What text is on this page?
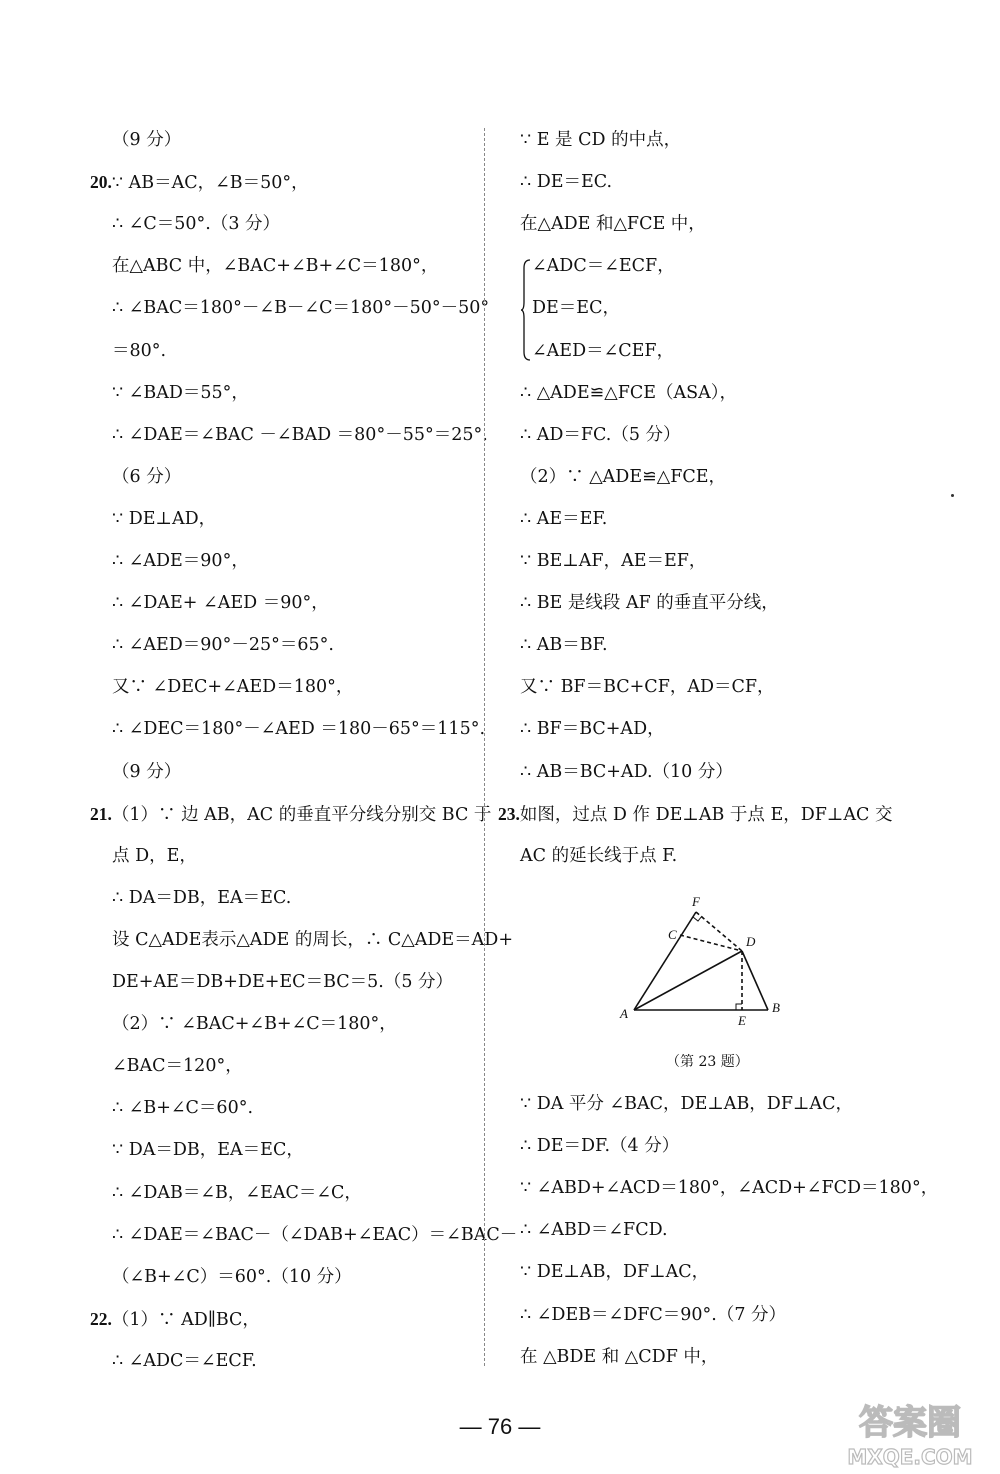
（9 分）
20.∵ AB＝AC，∠B＝50°，
∴ ∠C＝50°.（3 分）
在△ABC 中，∠BAC+∠B+∠C＝180°，
∴ ∠BAC＝180°－∠B－∠C＝180°－50°－50°
＝80°.
∵ ∠BAD＝55°，
∴ ∠DAE＝∠BAC －∠BAD ＝80°－55°＝25°.
（6 分）
∵ DE⊥AD，
∴ ∠ADE＝90°，
∴ ∠DAE+ ∠AED ＝90°，
∴ ∠AED＝90°－25°＝65°.
又∵ ∠DEC+∠AED＝180°，
∴ ∠DEC＝180°－∠AED ＝180－65°＝115°.
（9 分）
21.（1）∵ 边 AB，AC 的垂直平分线分别交 BC 于
点 D，E，
∴ DA＝DB，EA＝EC.
设 C△ADE表示△ADE 的周长，∴ C△ADE＝AD+
DE+AE＝DB+DE+EC＝BC＝5.（5 分）
（2）∵ ∠BAC+∠B+∠C＝180°，
∠BAC＝120°，
∴ ∠B+∠C＝60°.
∵ DA＝DB，EA＝EC，
∴ ∠DAB＝∠B，∠EAC＝∠C，
∴ ∠DAE＝∠BAC－（∠DAB+∠EAC）＝∠BAC－
（∠B+∠C）＝60°.（10 分）
22.（1）∵ AD∥BC，
∴ ∠ADC＝∠ECF.
∵ E 是 CD 的中点，
∴ DE＝EC.
在△ADE 和△FCE 中，
∠ADC＝∠ECF，
DE＝EC，
∠AED＝∠CEF，
∴ △ADE≌△FCE（ASA），
∴ AD＝FC.（5 分）
（2）∵ △ADE≌△FCE，
∴ AE＝EF.
∵ BE⊥AF，AE＝EF，
∴ BE 是线段 AF 的垂直平分线，
∴ AB＝BF.
又∵ BF＝BC+CF，AD＝CF，
∴ BF＝BC+AD，
∴ AB＝BC+AD.（10 分）
23.如图，过点 D 作 DE⊥AB 于点 E，DF⊥AC 交
AC 的延长线于点 F.
∵ DA 平分 ∠BAC，DE⊥AB，DF⊥AC，
∴ DE＝DF.（4 分）
∵ ∠ABD+∠ACD＝180°，∠ACD+∠FCD＝180°，
∴ ∠ABD＝∠FCD.
∵ DE⊥AB，DF⊥AC，
∴ ∠DEB＝∠DFC＝90°.（7 分）
在 △BDE 和 △CDF 中，
F
C	D
A	E
B
（第 23 题）
— 76 —	答案圈
MXQE.COM
